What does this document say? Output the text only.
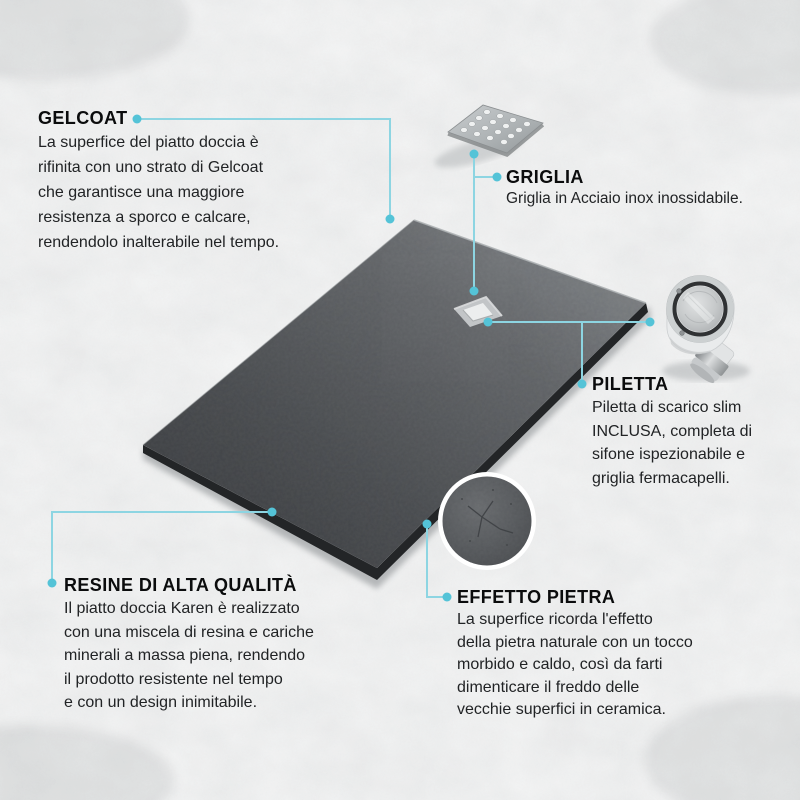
GELCOAT
La superfice del piatto doccia è
rifinita con uno strato di Gelcoat
che garantisce una maggiore
resistenza a sporco e calcare,
rendendolo inalterabile nel tempo.
GRIGLIA
Griglia in Acciaio inox inossidabile.
PILETTA
Piletta di scarico slim
INCLUSA, completa di
sifone ispezionabile e
griglia fermacapelli.
RESINE DI ALTA QUALITÀ
Il piatto doccia Karen è realizzato
con una miscela di resina e cariche
minerali a massa piena, rendendo
il prodotto resistente nel tempo
e con un design inimitabile.
EFFETTO PIETRA
La superfice ricorda l'effetto
della pietra naturale con un tocco
morbido e caldo, così da farti
dimenticare il freddo delle
vecchie superfici in ceramica.
